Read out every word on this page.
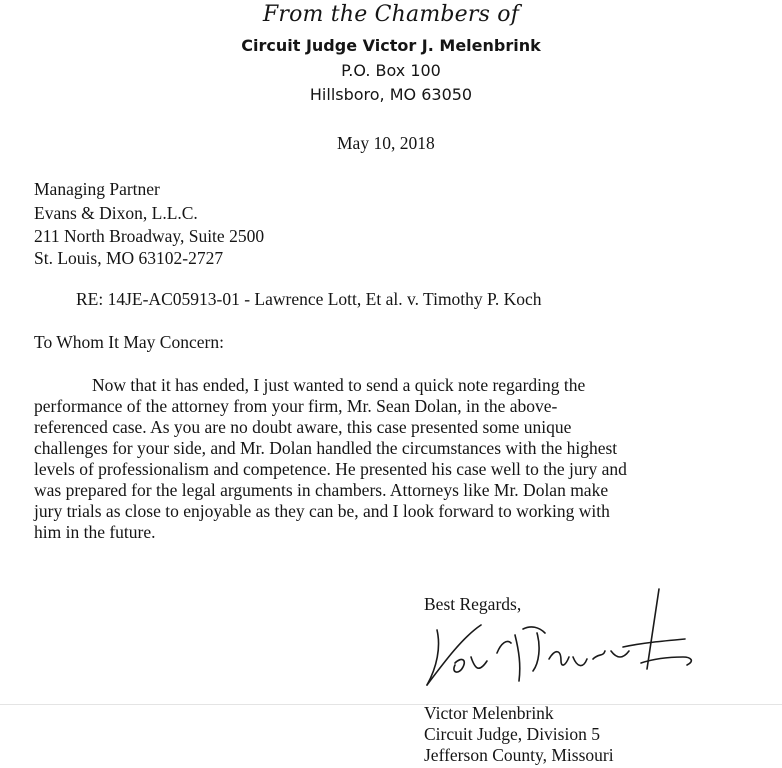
From the Chambers of
Circuit Judge Victor J. Melenbrink
P.O. Box 100
Hillsboro, MO 63050
May 10, 2018
Managing Partner
Evans & Dixon, L.L.C.
211 North Broadway, Suite 2500
St. Louis, MO 63102-2727
RE: 14JE-AC05913-01 - Lawrence Lott, Et al. v. Timothy P. Koch
To Whom It May Concern:
Now that it has ended, I just wanted to send a quick note regarding the
performance of the attorney from your firm, Mr. Sean Dolan, in the above-
referenced case. As you are no doubt aware, this case presented some unique
challenges for your side, and Mr. Dolan handled the circumstances with the highest
levels of professionalism and competence. He presented his case well to the jury and
was prepared for the legal arguments in chambers. Attorneys like Mr. Dolan make
jury trials as close to enjoyable as they can be, and I look forward to working with
him in the future.
Best Regards,
Victor Melenbrink
Circuit Judge, Division 5
Jefferson County, Missouri
